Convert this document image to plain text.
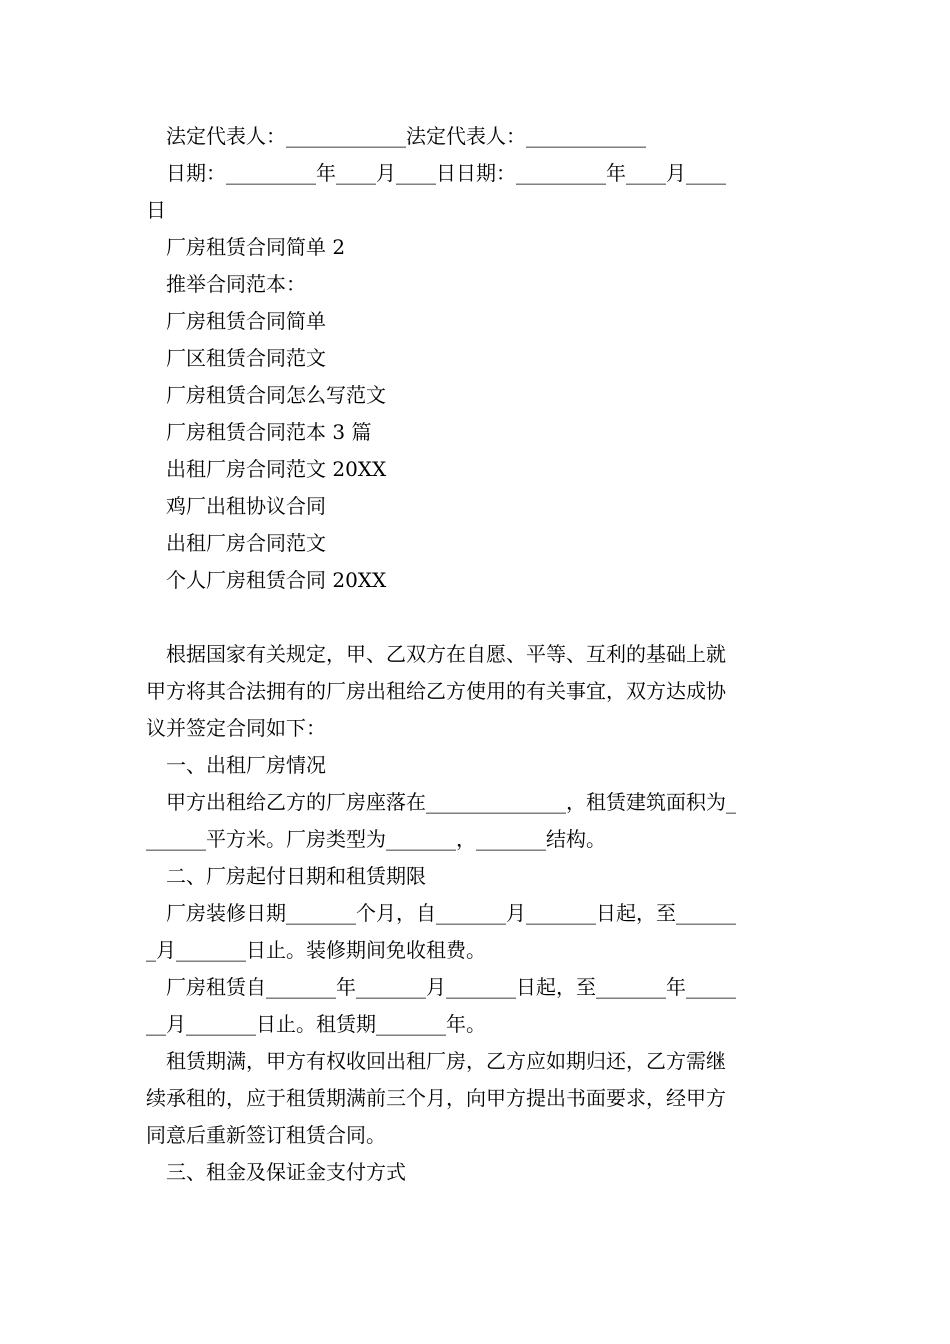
法定代表人：____________法定代表人：____________

日期：_________年____月____日日期：_________年____月____

日

厂房租赁合同简单 2

推举合同范本：

厂房租赁合同简单

厂区租赁合同范文

厂房租赁合同怎么写范文

厂房租赁合同范本 3 篇

出租厂房合同范文 20XX

鸡厂出租协议合同

出租厂房合同范文

个人厂房租赁合同 20XX

根据国家有关规定，甲、乙双方在自愿、平等、互利的基础上就

甲方将其合法拥有的厂房出租给乙方使用的有关事宜，双方达成协

议并签定合同如下：

一、出租厂房情况

甲方出租给乙方的厂房座落在______________，租赁建筑面积为_

______平方米。厂房类型为_______，_______结构。

二、厂房起付日期和租赁期限

厂房装修日期_______个月，自_______月_______日起，至______

_月_______日止。装修期间免收租费。

厂房租赁自_______年_______月_______日起，至_______年_____

__月_______日止。租赁期_______年。

租赁期满，甲方有权收回出租厂房，乙方应如期归还，乙方需继

续承租的，应于租赁期满前三个月，向甲方提出书面要求，经甲方

同意后重新签订租赁合同。

三、租金及保证金支付方式
